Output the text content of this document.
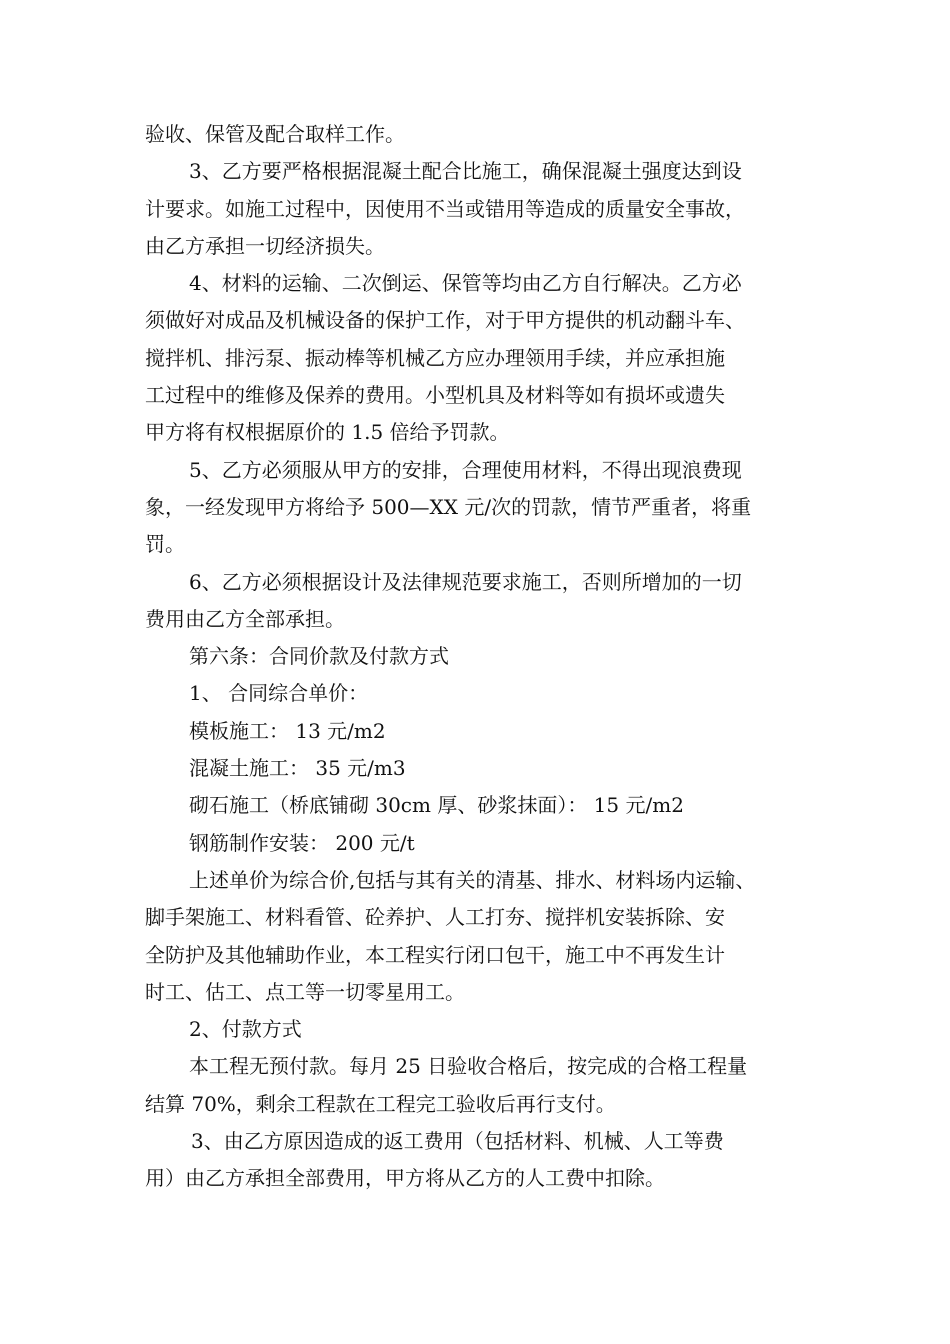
验收、保管及配合取样工作。
3、乙方要严格根据混凝土配合比施工，确保混凝土强度达到设
计要求。如施工过程中，因使用不当或错用等造成的质量安全事故，
由乙方承担一切经济损失。
4、材料的运输、二次倒运、保管等均由乙方自行解决。乙方必
须做好对成品及机械设备的保护工作，对于甲方提供的机动翻斗车、
搅拌机、排污泵、振动棒等机械乙方应办理领用手续，并应承担施
工过程中的维修及保养的费用。小型机具及材料等如有损坏或遗失
甲方将有权根据原价的 1.5 倍给予罚款。
5、乙方必须服从甲方的安排，合理使用材料，不得出现浪费现
象，一经发现甲方将给予 500—XX 元/次的罚款，情节严重者，将重
罚。
6、乙方必须根据设计及法律规范要求施工，否则所增加的一切
费用由乙方全部承担。
第六条：合同价款及付款方式
1、 合同综合单价：
模板施工： 13 元/m2
混凝土施工： 35 元/m3
砌石施工（桥底铺砌 30cm 厚、砂浆抹面）： 15 元/m2
钢筋制作安装： 200 元/t
上述单价为综合价,包括与其有关的清基、排水、材料场内运输、
脚手架施工、材料看管、砼养护、人工打夯、搅拌机安装拆除、安
全防护及其他辅助作业，本工程实行闭口包干，施工中不再发生计
时工、估工、点工等一切零星用工。
2、付款方式
本工程无预付款。每月 25 日验收合格后，按完成的合格工程量
结算 70%，剩余工程款在工程完工验收后再行支付。
3、由乙方原因造成的返工费用（包括材料、机械、人工等费
用）由乙方承担全部费用，甲方将从乙方的人工费中扣除。
